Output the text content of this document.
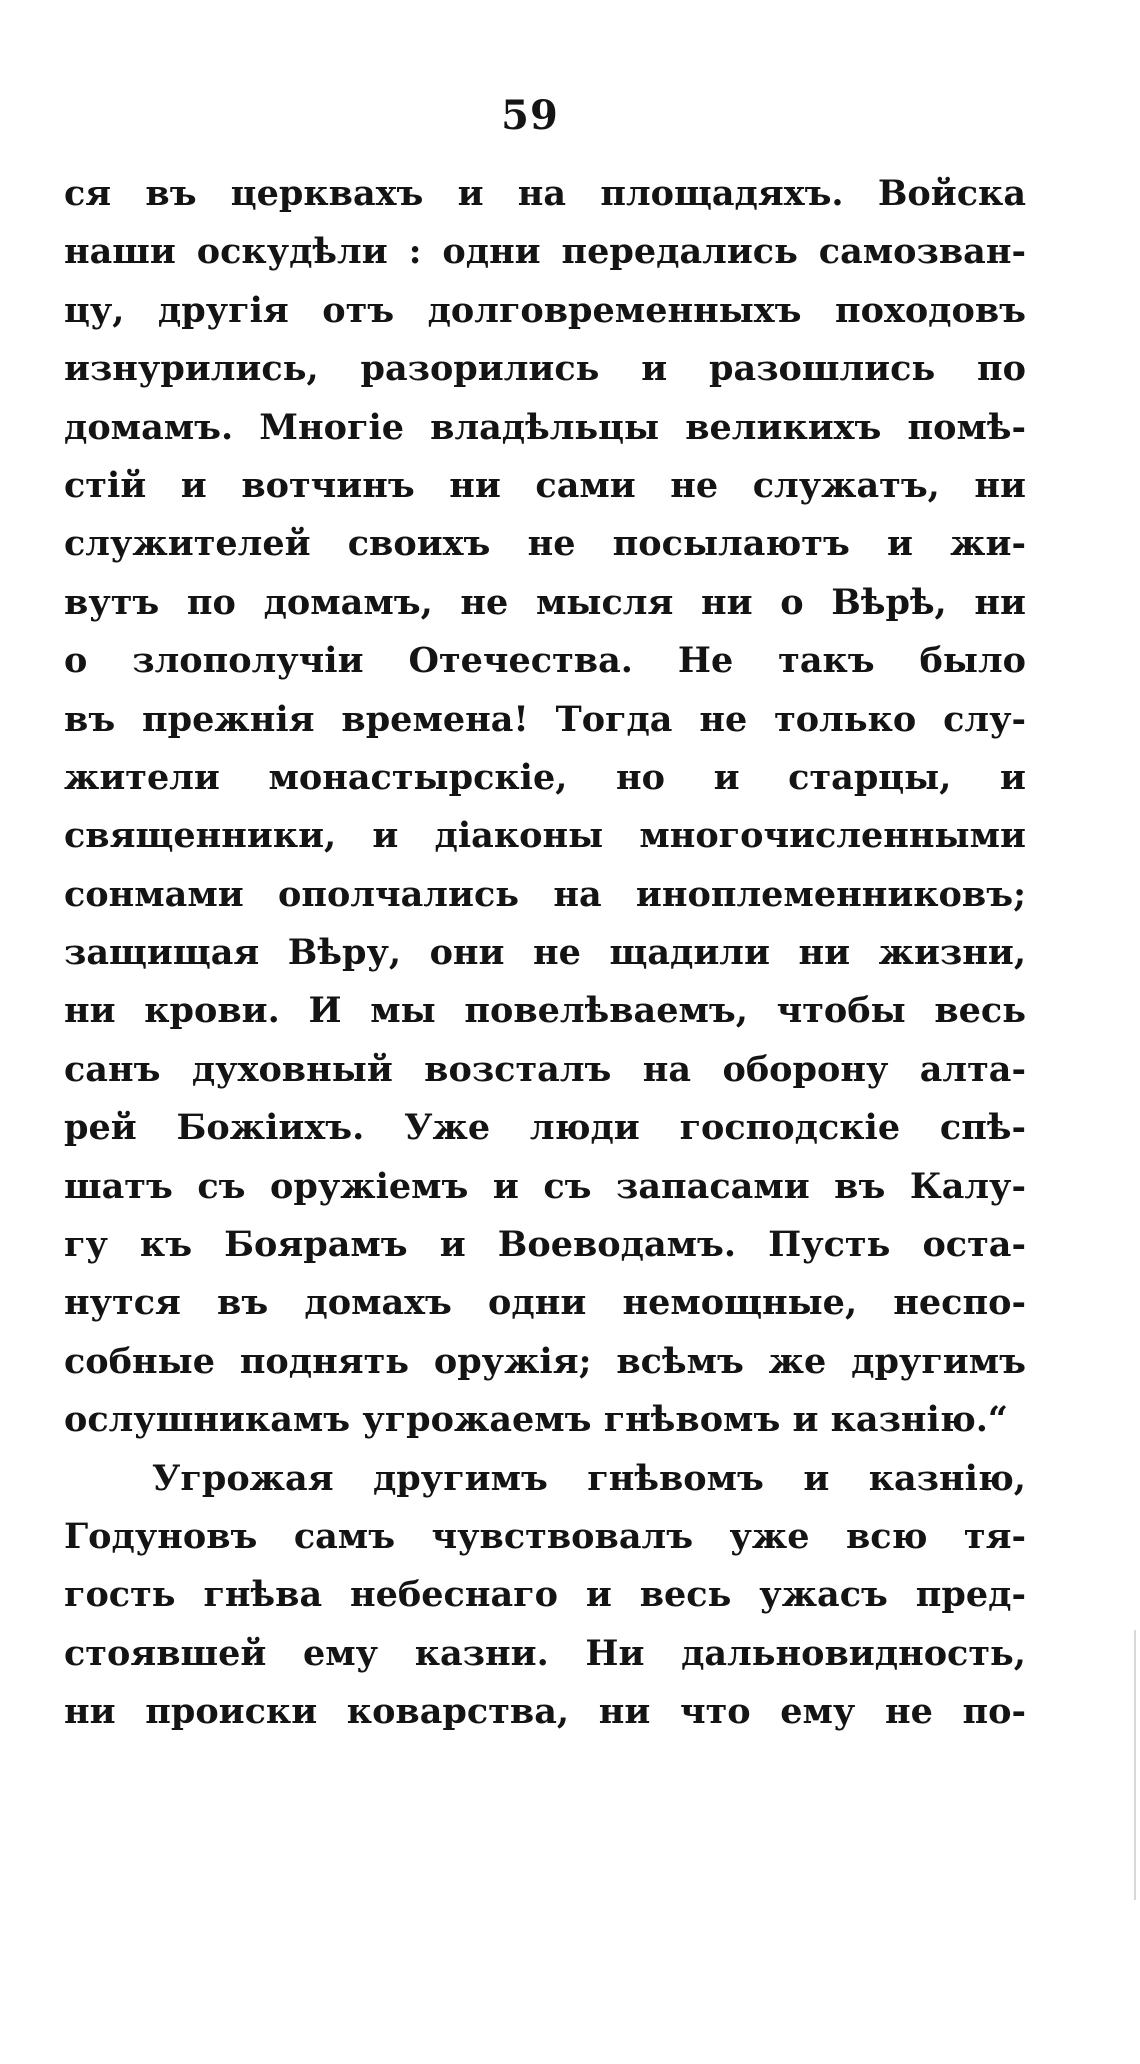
59
ся въ церквахъ и на площадяхъ. Войска
наши оскудѣли : одни передались самозван-
цу, другія отъ долговременныхъ походовъ
изнурились, разорились и разошлись по
домамъ. Многіе владѣльцы великихъ помѣ-
стій и вотчинъ ни сами не служатъ, ни
служителей своихъ не посылаютъ и жи-
вутъ по домамъ, не мысля ни о Вѣрѣ, ни
о злополучіи Отечества. Не такъ было
въ прежнія времена! Тогда не только слу-
жители монастырскіе, но и старцы, и
священники, и діаконы многочисленными
сонмами ополчались на иноплеменниковъ;
защищая Вѣру, они не щадили ни жизни,
ни крови. И мы повелѣваемъ, чтобы весь
санъ духовный возсталъ на оборону алта-
рей Божіихъ. Уже люди господскіе спѣ-
шатъ съ оружіемъ и съ запасами въ Калу-
гу къ Боярамъ и Воеводамъ. Пусть оста-
нутся въ домахъ одни немощные, неспо-
собные поднять оружія; всѣмъ же другимъ
ослушникамъ угрожаемъ гнѣвомъ и казнію.“
Угрожая другимъ гнѣвомъ и казнію,
Годуновъ самъ чувствовалъ уже всю тя-
гость гнѣва небеснаго и весь ужасъ пред-
стоявшей ему казни. Ни дальновидность,
ни происки коварства, ни что ему не по-
